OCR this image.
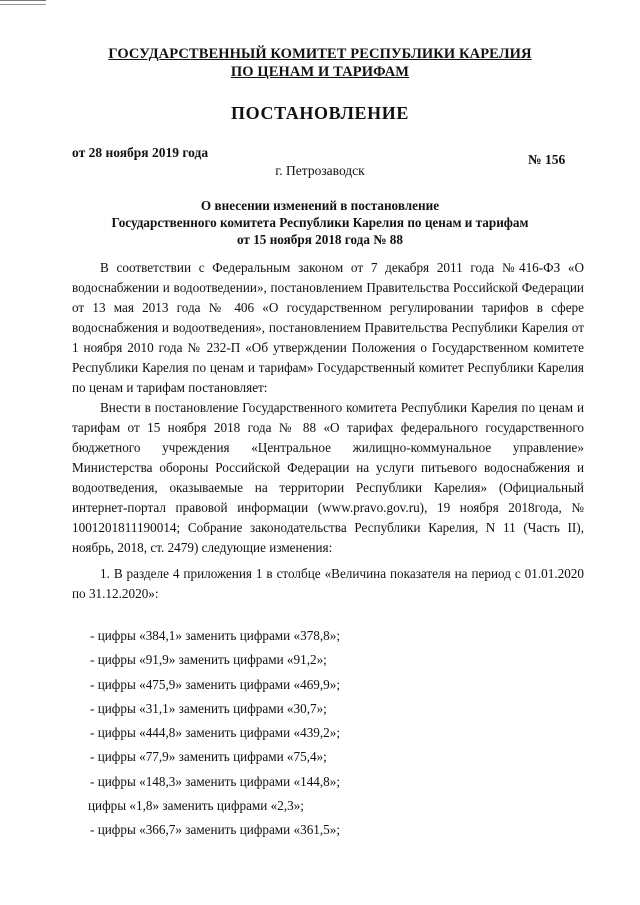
ГОСУДАРСТВЕННЫЙ КОМИТЕТ РЕСПУБЛИКИ КАРЕЛИЯ
ПО ЦЕНАМ И ТАРИФАМ
ПОСТАНОВЛЕНИЕ
от 28 ноября 2019 года	№ 156
г. Петрозаводск
О внесении изменений в постановление
Государственного комитета Республики Карелия по ценам и тарифам
от 15 ноября 2018 года № 88

В соответствии с Федеральным законом от 7 декабря 2011 года №416-ФЗ «О водоснабжении и водоотведении», постановлением Правительства Российской Федерации от 13 мая 2013 года № 406 «О государственном регулировании тарифов в сфере водоснабжения и водоотведения», постановлением Правительства Республики Карелия от 1 ноября 2010 года № 232-П «Об утверждении Положения о Государственном комитете Республики Карелия по ценам и тарифам» Государственный комитет Республики Карелия по ценам и тарифам постановляет:

Внести в постановление Государственного комитета Республики Карелия по ценам и тарифам от 15 ноября 2018 года № 88 «О тарифах федерального государственного бюджетного учреждения «Центральное жилищно-коммунальное управление» Министерства обороны Российской Федерации на услуги питьевого водоснабжения и водоотведения, оказываемые на территории Республики Карелия» (Официальный интернет-портал правовой информации (www.pravo.gov.ru), 19 ноября 2018года, № 1001201811190014; Собрание законодательства Республики Карелия, N 11 (Часть II), ноябрь, 2018, ст. 2479) следующие изменения:

1. В разделе 4 приложения 1 в столбце «Величина показателя на период с 01.01.2020 по 31.12.2020»:

- цифры «384,1» заменить цифрами «378,8»;
- цифры «91,9» заменить цифрами «91,2»;
- цифры «475,9» заменить цифрами «469,9»;
- цифры «31,1» заменить цифрами «30,7»;
- цифры «444,8» заменить цифрами «439,2»;
- цифры «77,9» заменить цифрами «75,4»;
- цифры «148,3» заменить цифрами «144,8»;
цифры «1,8» заменить цифрами «2,3»;
- цифры «366,7» заменить цифрами «361,5»;
